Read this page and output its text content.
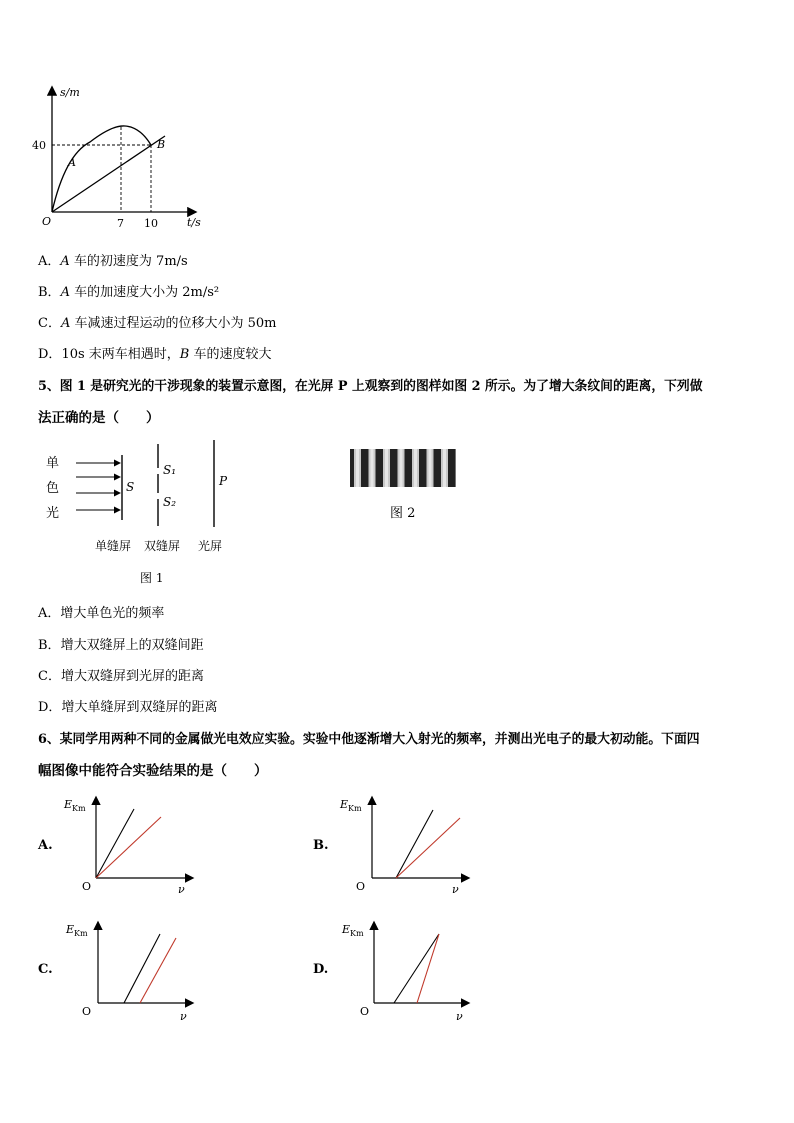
s/m
t/s
O
40
7 10
A
B
A．A 车的初速度为 7m/s
B．A 车的加速度大小为 2m/s²
C．A 车减速过程运动的位移大小为 50m
D．10s 末两车相遇时，B 车的速度较大
5、图 1 是研究光的干涉现象的装置示意图，在光屏 P 上观察到的图样如图 2 所示。为了增大条纹间的距离，下列做
法正确的是（　　）
单
色
光
S
S₁
S₂
P
单缝屏 双缝屏 光屏
图 1
图 2
A．增大单色光的频率
B．增大双缝屏上的双缝间距
C．增大双缝屏到光屏的距离
D．增大单缝屏到双缝屏的距离
6、某同学用两种不同的金属做光电效应实验。实验中他逐渐增大入射光的频率，并测出光电子的最大初动能。下面四
幅图像中能符合实验结果的是（　　）
A.
E Km
O	ν
B.
E Km
O	ν
C.
E Km
O	ν
D.
E Km
O	ν
